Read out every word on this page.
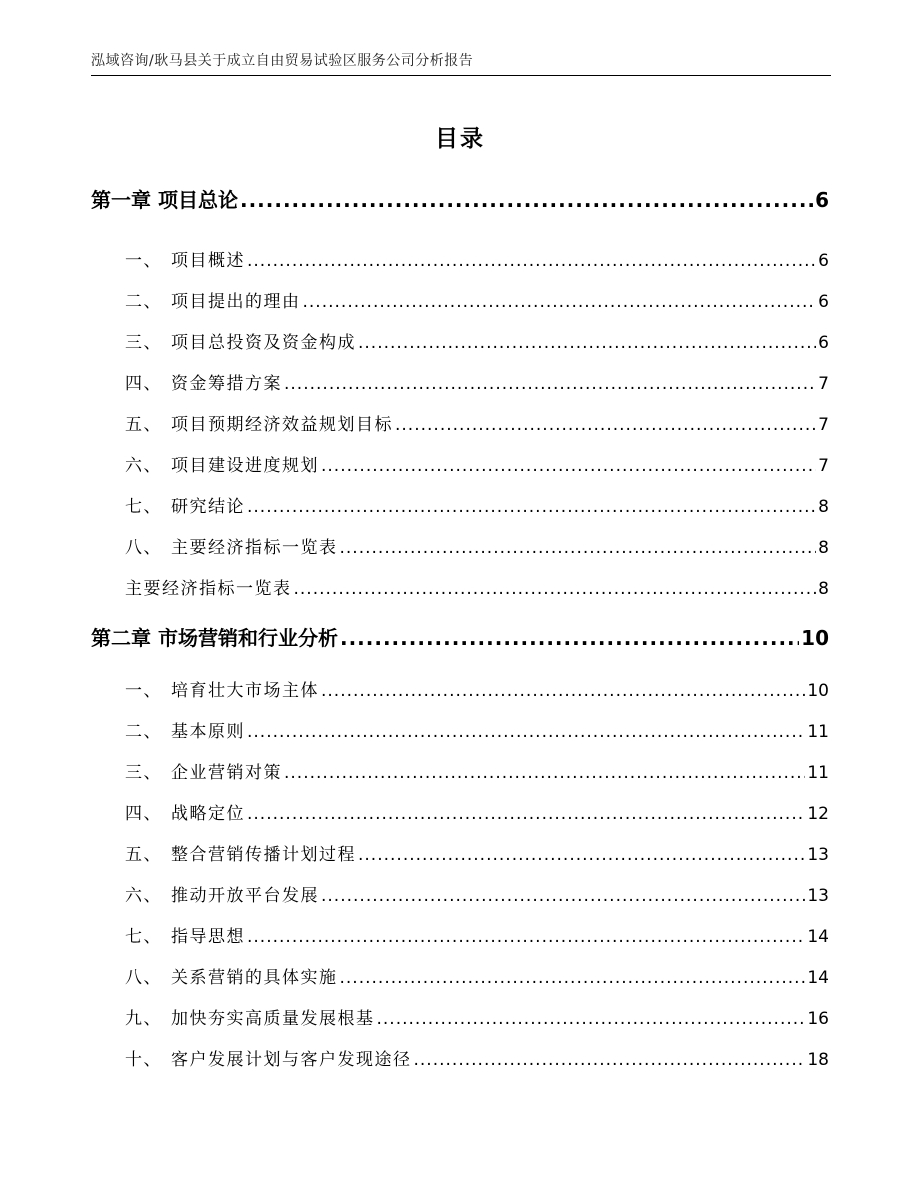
泓域咨询/耿马县关于成立自由贸易试验区服务公司分析报告
目录
第一章 项目总论 .....	6
一、 项目概述 .....	6
二、 项目提出的理由 .....	6
三、 项目总投资及资金构成 .....	6
四、 资金筹措方案 .....	7
五、 项目预期经济效益规划目标 .....	7
六、 项目建设进度规划 .....	7
七、 研究结论 .....	8
八、 主要经济指标一览表 .....	8
主要经济指标一览表 .....	8
第二章 市场营销和行业分析 .....	10
一、 培育壮大市场主体 .....	10
二、 基本原则 .....	11
三、 企业营销对策 .....	11
四、 战略定位 .....	12
五、 整合营销传播计划过程 .....	13
六、 推动开放平台发展 .....	13
七、 指导思想 .....	14
八、 关系营销的具体实施 .....	14
九、 加快夯实高质量发展根基 .....	16
十、 客户发展计划与客户发现途径 .....	18
